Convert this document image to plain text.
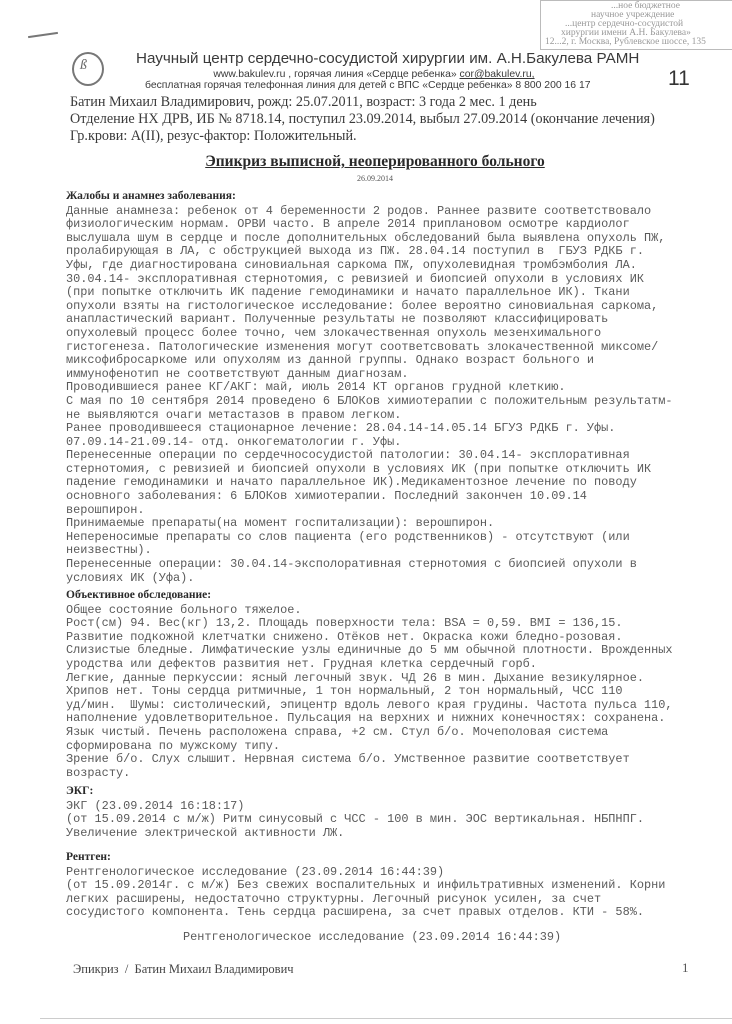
ß
...ное бюджетное
научное учреждение
...центр сердечно-сосудистой
хирургии имени А.Н. Бакулева»
12...2, г. Москва, Рублевское шоссе, 135
Научный центр сердечно-сосудистой хирургии им. А.Н.Бакулева РАМН
www.bakulev.ru , горячая линия «Сердце ребенка» cor@bakulev.ru,
бесплатная горячая телефонная линия для детей с ВПС «Сердце ребенка» 8 800 200 16 17	11
Батин Михаил Владимирович, рожд: 25.07.2011, возраст: 3 года 2 мес. 1 день
Отделение НХ ДРВ, ИБ № 8718.14, поступил 23.09.2014, выбыл 27.09.2014 (окончание лечения)
Гр.крови: A(II), резус-фактор: Положительный.
Эпикриз выписной, неоперированного больного
26.09.2014
Жалобы и анамнез заболевания:
Данные анамнеза: ребенок от 4 беременности 2 родов. Раннее развите соответствовало
физиологическим нормам. ОРВИ часто. В апреле 2014 приплановом осмотре кардиолог
выслушала шум в сердце и после дополнительных обследований была выявлена опухоль ПЖ,
пролабирующая в ЛА, с обструкцией выхода из ПЖ. 28.04.14 поступил в  ГБУЗ РДКБ г.
Уфы, где диагностирована синовиальная саркома ПЖ, опухолевидная тромбэмболия ЛА.
30.04.14- эксплоративная стернотомия, с ревизией и биопсией опухоли в условиях ИК
(при попытке отключить ИК падение гемодинамики и начато параллельное ИК). Ткани
опухоли взяты на гистологическое исследование: более вероятно синовиальная саркома,
анапластический вариант. Полученные результаты не позволяют классифицировать
опухолевый процесс более точно, чем злокачественная опухоль мезенхимального
гистогенеза. Патологические изменения могут соответсвовать злокачественной миксоме/
миксофибросаркоме или опухолям из данной группы. Однако возраст больного и
иммунофенотип не соответствуют данным диагнозам.
Проводившиеся ранее КГ/АКГ: май, июль 2014 КТ органов грудной клеткию.
С мая по 10 сентября 2014 проведено 6 БЛОКов химиотерапии с положительным результатм-
не выявляются очаги метастазов в правом легком.
Ранее проводившееся стационарное лечение: 28.04.14-14.05.14 БГУЗ РДКБ г. Уфы.
07.09.14-21.09.14- отд. онкогематологии г. Уфы.
Перенесенные операции по сердечнососудистой патологии: 30.04.14- эксплоративная
стернотомия, с ревизией и биопсией опухоли в условиях ИК (при попытке отключить ИК
падение гемодинамики и начато параллельное ИК).Медикаментозное лечение по поводу
основного заболевания: 6 БЛОКов химиотерапии. Последний закончен 10.09.14
верошпирон.
Принимаемые препараты(на момент госпитализации): верошпирон.
Непереносимые препараты со слов пациента (его родственников) - отсутствуют (или
неизвестны).
Перенесенные операции: 30.04.14-эксполоративная стернотомия с биопсией опухоли в
условиях ИК (Уфа).
Объективное обследование:
Общее состояние больного тяжелое.
Рост(см) 94. Вес(кг) 13,2. Площадь поверхности тела: BSA = 0,59. BMI = 136,15.
Развитие подкожной клетчатки снижено. Отёков нет. Окраска кожи бледно-розовая.
Слизистые бледные. Лимфатические узлы единичные до 5 мм обычной плотности. Врожденных
уродства или дефектов развития нет. Грудная клетка сердечный горб.
Легкие, данные перкуссии: ясный легочный звук. ЧД 26 в мин. Дыхание везикулярное.
Хрипов нет. Тоны сердца ритмичные, 1 тон нормальный, 2 тон нормальный, ЧСС 110
уд/мин.  Шумы: систолический, эпицентр вдоль левого края грудины. Частота пульса 110,
наполнение удовлетворительное. Пульсация на верхних и нижних конечностях: сохранена.
Язык чистый. Печень расположена справа, +2 см. Стул б/о. Мочеполовая система
сформирована по мужскому типу.
Зрение б/о. Слух слышит. Нервная система б/о. Умственное развитие соответствует
возрасту.
ЭКГ:
ЭКГ (23.09.2014 16:18:17)
(от 15.09.2014 с м/ж) Ритм синусовый с ЧСС - 100 в мин. ЭОС вертикальная. НБПНПГ.
Увеличение электрической активности ЛЖ.
Рентген:
Рентгенологическое исследование (23.09.2014 16:44:39)
(от 15.09.2014г. с м/ж) Без свежих воспалительных и инфильтративных изменений. Корни
легких расширены, недостаточно структурны. Легочный рисунок усилен, за счет
сосудистого компонента. Тень сердца расширена, за счет правых отделов. КТИ - 58%.
Рентгенологическое исследование (23.09.2014 16:44:39)
Эпикриз  /  Батин Михаил Владимирович	1
